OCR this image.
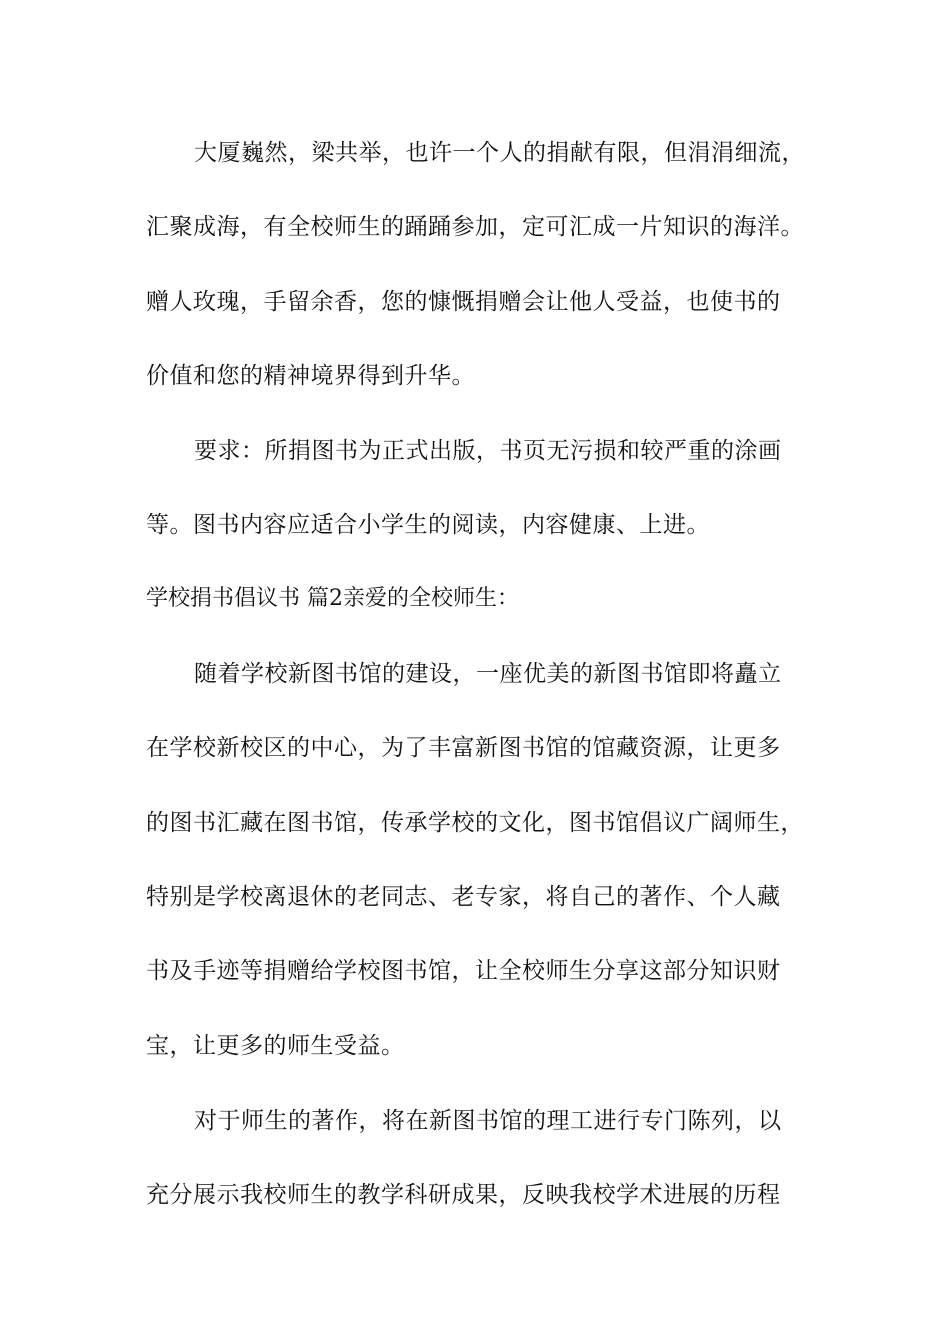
大厦巍然，梁共举，也许一个人的捐献有限，但涓涓细流，
汇聚成海，有全校师生的踊踊参加，定可汇成一片知识的海洋。
赠人玫瑰，手留余香，您的慷慨捐赠会让他人受益，也使书的
价值和您的精神境界得到升华。
要求：所捐图书为正式出版，书页无污损和较严重的涂画
等。图书内容应适合小学生的阅读，内容健康、上进。
学校捐书倡议书 篇2亲爱的全校师生：
随着学校新图书馆的建设，一座优美的新图书馆即将矗立
在学校新校区的中心，为了丰富新图书馆的馆藏资源，让更多
的图书汇藏在图书馆，传承学校的文化，图书馆倡议广阔师生，
特别是学校离退休的老同志、老专家，将自己的著作、个人藏
书及手迹等捐赠给学校图书馆，让全校师生分享这部分知识财
宝，让更多的师生受益。
对于师生的著作，将在新图书馆的理工进行专门陈列，以
充分展示我校师生的教学科研成果，反映我校学术进展的历程
